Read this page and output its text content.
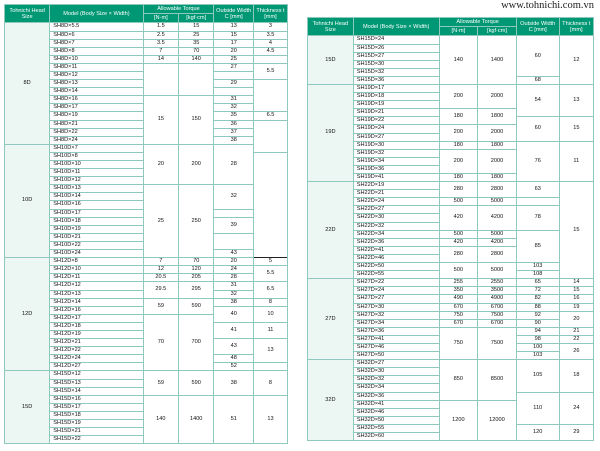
www.tohnichi.com.vn
Tohnichi Head Size	Model (Body Size × Width)	Allowable Torque		Outside Width C [mm]	Thickness t [mm]	
		[N·m]	[kgf·cm]			
8D	SH8D×5.5	1.5	15	13	3	
	SH8D×6	2.5	25	15	3.5	
	SH8D×7	3.5	35	17	4	
	SH8D×8	7	70	20	4.5	
	SH8D×10	14	140	25		
	SH8D×11			27	5.5	
	SH8D×12					
	SH8D×13			29		
	SH8D×14					
	SH8D×16	15	150	31		
	SH8D×17			32		
	SH8D×19			35	6.5	
	SH8D×21			36		
	SH8D×22			37		
	SH8D×24			38		
10D	SH10D×7	20	200	28	
	SH10D×8					
	SH10D×10					
	SH10D×11					
	SH10D×12					
	SH10D×13	25	250	32		
	SH10D×14					
	SH10D×16					
	SH10D×17					
	SH10D×18			39		
	SH10D×19					
	SH10D×21					
	SH10D×22					
	SH10D×24			43		
12D	SH12D×8	7	70	20	5	
	SH12D×10	12	120	24	5.5	
	SH12D×11	20.5	205	28		
	SH12D×12	29.5	295	31	6.5	
	SH12D×13			32		
	SH12D×14	59	590	38	8	
	SH12D×16			40	10	
	SH12D×17	70	700			
	SH12D×18			41	11	
	SH12D×19					
	SH12D×21			43	13	
	SH12D×22					
	SH12D×24			48		
	SH12D×27			52		
15D	SH15D×12	59	590	38	8	
	SH15D×13					
	SH15D×14					
	SH15D×16	140	1400	51	13	
	SH15D×17					
	SH15D×18					
	SH15D×19					
	SH15D×21					
	SH15D×22					
Tohnichi Head Size	Model (Body Size × Width)	Allowable Torque		Outside Width C [mm]	Thickness t [mm]
		[N·m]	[kgf·cm]		
15D	SH15D×24	140	1400	60	12
	SH15D×26				
	SH15D×27				
	SH15D×30				
	SH15D×32				
	SH15D×36			68	
19D	SH19D×17	200	2000	54	13
	SH19D×18				
	SH19D×19				
	SH19D×21	180	1800		
	SH19D×22			60	15
	SH19D×24	200	2000		
	SH19D×27				
	SH19D×30	180	1800	76	11
	SH19D×32	200	2000		
	SH19D×34				
	SH19D×36				
	SH19D×41	180	1800		
22D	SH22D×19	280	2800	63	15
	SH22D×21				
	SH22D×24	500	5000		
	SH22D×27	420	4200	78	
	SH22D×30				
	SH22D×32				
	SH22D×34	500	5000	85	
	SH22D×36	420	4200		
	SH22D×41	280	2800		
	SH22D×46				
	SH22D×50	500	5000	103	
	SH22D×55			108	
27D	SH27D×22	255	2550	65	14
	SH27D×24	350	3500	72	15
	SH27D×27	490	4900	82	16
	SH27D×30	670	6700	88	19
	SH27D×32	750	7500	92	20
	SH27D×34	670	6700	90	
	SH27D×36	750	7500	94	21
	SH27D×41			98	22
	SH27D×46			100	26
	SH27D×50			103	
32D	SH32D×27	850	8500	105	18
	SH32D×30				
	SH32D×32				
	SH32D×34				
	SH32D×36			110	24
	SH32D×41	1200	12000		
	SH32D×46				
	SH32D×50				
	SH32D×55			120	29
	SH32D×60				
